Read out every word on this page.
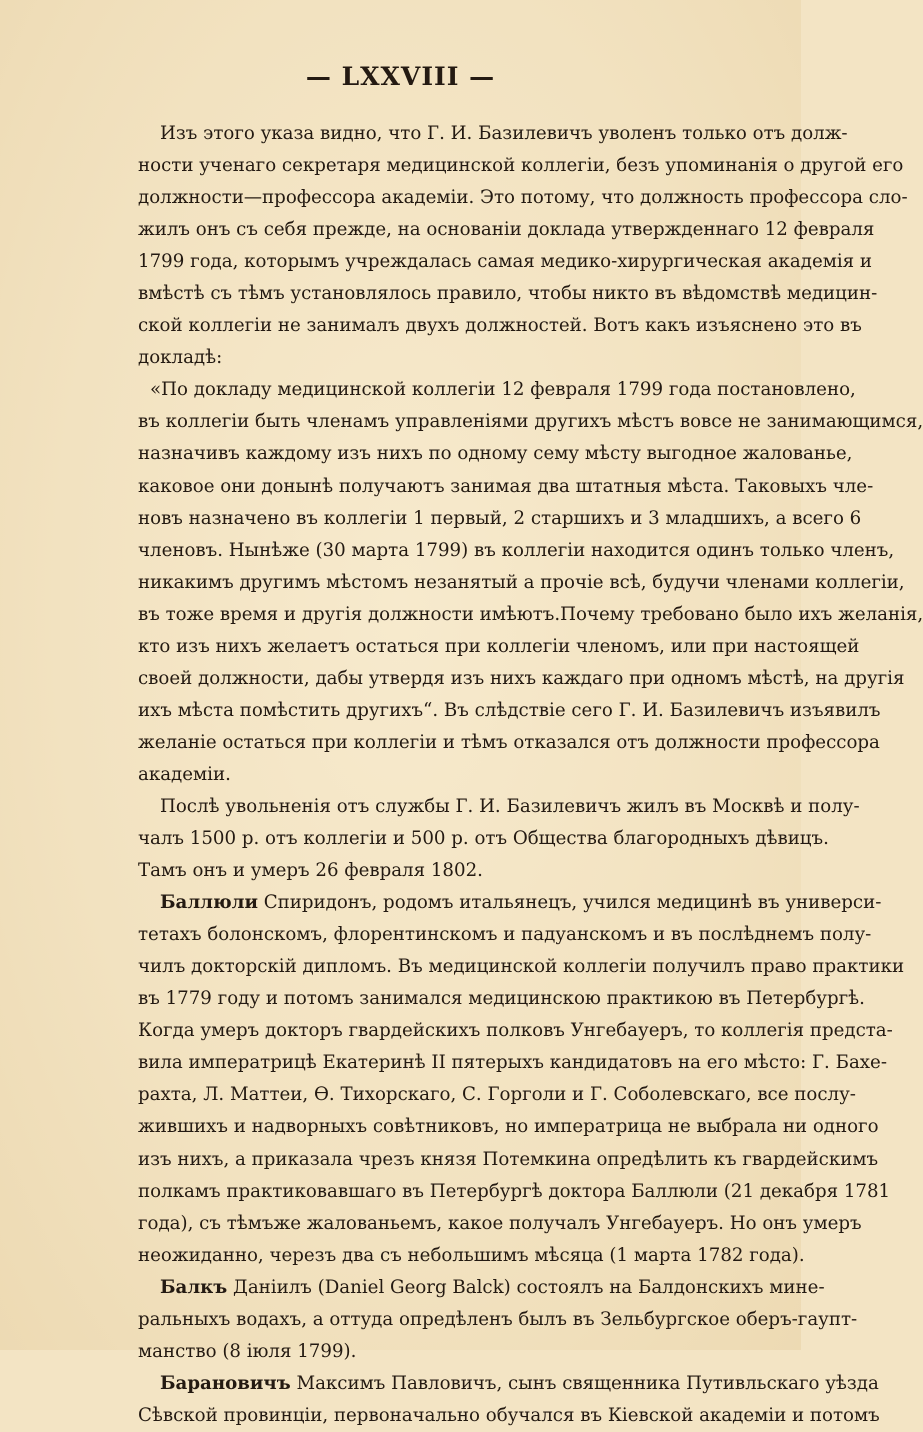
— LXXVIII —
Изъ этого указа видно, что Г. И. Базилевичъ уволенъ только отъ долж-
ности ученаго секретаря медицинской коллегіи, безъ упоминанія о другой его
должности—профессора академіи. Это потому, что должность профессора сло-
жилъ онъ съ себя прежде, на основаніи доклада утвержденнаго 12 февраля
1799 года, которымъ учреждалась самая медико-хирургическая академія и
вмѣстѣ съ тѣмъ установлялось правило, чтобы никто въ вѣдомствѣ медицин-
ской коллегіи не занималъ двухъ должностей. Вотъ какъ изъяснено это въ
докладѣ:
«По докладу медицинской коллегіи 12 февраля 1799 года постановлено,
въ коллегіи быть членамъ управленіями другихъ мѣстъ вовсе не занимающимся,
назначивъ каждому изъ нихъ по одному сему мѣсту выгодное жалованье,
каковое они донынѣ получаютъ занимая два штатныя мѣста. Таковыхъ чле-
новъ назначено въ коллегіи 1 первый, 2 старшихъ и 3 младшихъ, а всего 6
членовъ. Нынѣже (30 марта 1799) въ коллегіи находится одинъ только членъ,
никакимъ другимъ мѣстомъ незанятый а прочіе всѣ, будучи членами коллегіи,
въ тоже время и другія должности имѣютъ.Почему требовано было ихъ желанія,
кто изъ нихъ желаетъ остаться при коллегіи членомъ, или при настоящей
своей должности, дабы утвердя изъ нихъ каждаго при одномъ мѣстѣ, на другія
ихъ мѣста помѣстить другихъ“. Въ слѣдствіе сего Г. И. Базилевичъ изъявилъ
желаніе остаться при коллегіи и тѣмъ отказался отъ должности профессора
академіи.
Послѣ увольненія отъ службы Г. И. Базилевичъ жилъ въ Москвѣ и полу-
чалъ 1500 р. отъ коллегіи и 500 р. отъ Общества благородныхъ дѣвицъ.
Тамъ онъ и умеръ 26 февраля 1802.
Баллюли Спиридонъ, родомъ итальянецъ, учился медицинѣ въ универси-
тетахъ болонскомъ, флорентинскомъ и падуанскомъ и въ послѣднемъ полу-
чилъ докторскій дипломъ. Въ медицинской коллегіи получилъ право практики
въ 1779 году и потомъ занимался медицинскою практикою въ Петербургѣ.
Когда умеръ докторъ гвардейскихъ полковъ Унгебауеръ, то коллегія предста-
вила императрицѣ Екатеринѣ II пятерыхъ кандидатовъ на его мѣсто: Г. Бахе-
рахта, Л. Маттеи, Ѳ. Тихорскаго, С. Горголи и Г. Соболевскаго, все послу-
жившихъ и надворныхъ совѣтниковъ, но императрица не выбрала ни одного
изъ нихъ, а приказала чрезъ князя Потемкина опредѣлить къ гвардейскимъ
полкамъ практиковавшаго въ Петербургѣ доктора Баллюли (21 декабря 1781
года), съ тѣмъже жалованьемъ, какое получалъ Унгебауеръ. Но онъ умеръ
неожиданно, черезъ два съ небольшимъ мѣсяца (1 марта 1782 года).
Балкъ Даніилъ (Daniel Georg Balck) состоялъ на Балдонскихъ мине-
ральныхъ водахъ, а оттуда опредѣленъ былъ въ Зельбургское оберъ-гаупт-
манство (8 іюля 1799).
Барановичъ Максимъ Павловичъ, сынъ священника Путивльскаго уѣзда
Сѣвской провинціи, первоначально обучался въ Кіевской академіи и потомъ
